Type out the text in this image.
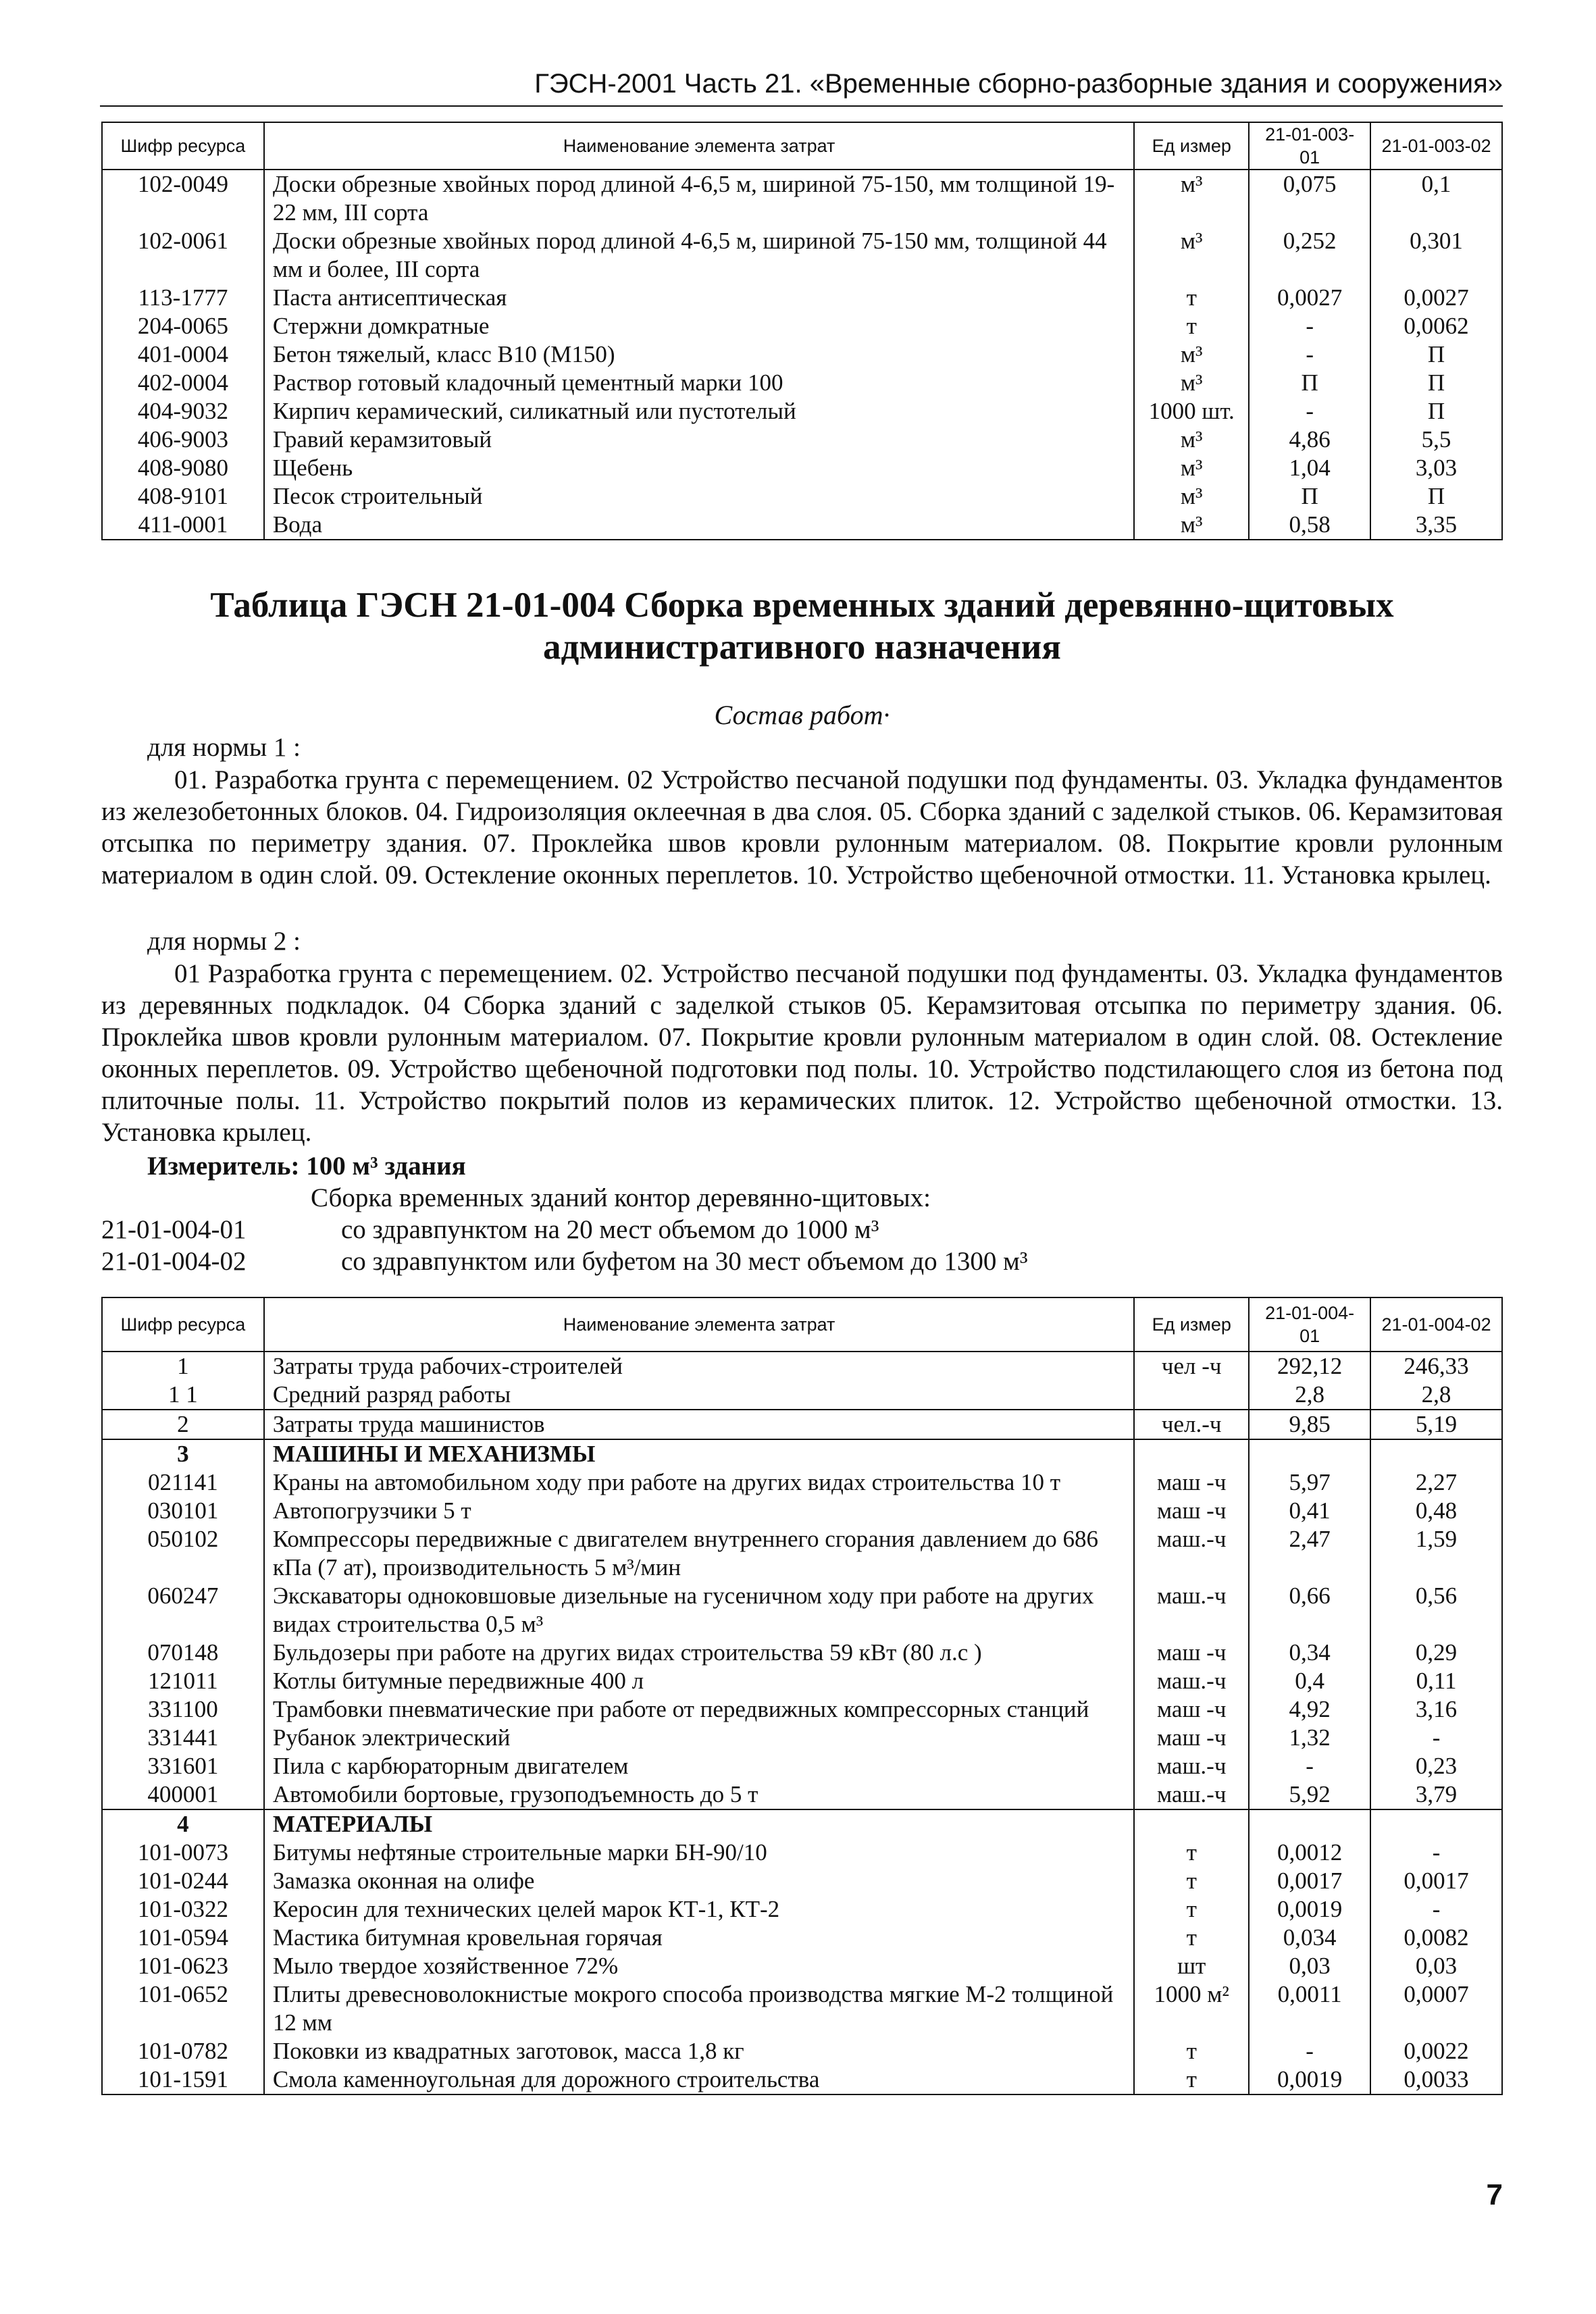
ГЭСН-2001 Часть 21. «Временные сборно-разборные здания и сооружения»
Шифр ресурса	Наименование элемента затрат	Ед измер	21-01-003-01	21-01-003-02
102-0049	Доски обрезные хвойных пород длиной 4-6,5 м, шириной 75-150, мм толщиной 19-22 мм, III сорта	м³	0,075	0,1
102-0061	Доски обрезные хвойных пород длиной 4-6,5 м, шириной 75-150 мм, толщиной 44 мм и более, III сорта	м³	0,252	0,301
113-1777	Паста антисептическая	т	0,0027	0,0027
204-0065	Стержни домкратные	т	-	0,0062
401-0004	Бетон тяжелый, класс B10 (M150)	м³	-	П
402-0004	Раствор готовый кладочный цементный марки 100	м³	П	П
404-9032	Кирпич керамический, силикатный или пустотелый	1000 шт.	-	П
406-9003	Гравий керамзитовый	м³	4,86	5,5
408-9080	Щебень	м³	1,04	3,03
408-9101	Песок строительный	м³	П	П
411-0001	Вода	м³	0,58	3,35
Таблица ГЭСН 21-01-004 Сборка временных зданий деревянно-щитовых административного назначения
Состав работ·
для нормы 1 :
01. Разработка грунта с перемещением. 02 Устройство песчаной подушки под фундаменты. 03. Укладка фундаментов из железобетонных блоков. 04. Гидроизоляция оклеечная в два слоя. 05. Сборка зданий с заделкой стыков. 06. Керамзитовая отсыпка по периметру здания. 07. Проклейка швов кровли рулонным материалом. 08. Покрытие кровли рулонным материалом в один слой. 09. Остекление оконных переплетов. 10. Устройство щебеночной отмостки. 11. Установка крылец.
для нормы 2 :
01 Разработка грунта с перемещением. 02. Устройство песчаной подушки под фундаменты. 03. Укладка фундаментов из деревянных подкладок. 04 Сборка зданий с заделкой стыков 05. Керамзитовая отсыпка по периметру здания. 06. Проклейка швов кровли рулонным материалом. 07. Покрытие кровли рулонным материалом в один слой. 08. Остекление оконных переплетов. 09. Устройство щебеночной подготовки под полы. 10. Устройство подстилающего слоя из бетона под плиточные полы. 11. Устройство покрытий полов из керамических плиток. 12. Устройство щебеночной отмостки. 13. Установка крылец.
Измеритель: 100 м³ здания
Сборка временных зданий контор деревянно-щитовых:
21-01-004-01	со здравпунктом на 20 мест объемом до 1000 м³
21-01-004-02	со здравпунктом или буфетом на 30 мест объемом до 1300 м³
Шифр ресурса	Наименование элемента затрат	Ед измер	21-01-004-01	21-01-004-02
1	Затраты труда рабочих-строителей	чел -ч	292,12	246,33
1 1	Средний разряд работы		2,8	2,8
2	Затраты труда машинистов	чел.-ч	9,85	5,19
3	МАШИНЫ И МЕХАНИЗМЫ			
021141	Краны на автомобильном ходу при работе на других видах строительства 10 т	маш -ч	5,97	2,27
030101	Автопогрузчики 5 т	маш -ч	0,41	0,48
050102	Компрессоры передвижные с двигателем внутреннего сгорания давлением до 686 кПа (7 ат), производительность 5 м³/мин	маш.-ч	2,47	1,59
060247	Экскаваторы одноковшовые дизельные на гусеничном ходу при работе на других видах строительства 0,5 м³	маш.-ч	0,66	0,56
070148	Бульдозеры при работе на других видах строительства 59 кВт (80 л.с )	маш -ч	0,34	0,29
121011	Котлы битумные передвижные 400 л	маш.-ч	0,4	0,11
331100	Трамбовки пневматические при работе от передвижных компрессорных станций	маш -ч	4,92	3,16
331441	Рубанок электрический	маш -ч	1,32	-
331601	Пила с карбюраторным двигателем	маш.-ч	-	0,23
400001	Автомобили бортовые, грузоподъемность до 5 т	маш.-ч	5,92	3,79
4	МАТЕРИАЛЫ			
101-0073	Битумы нефтяные строительные марки БН-90/10	т	0,0012	-
101-0244	Замазка оконная на олифе	т	0,0017	0,0017
101-0322	Керосин для технических целей марок КТ-1, КТ-2	т	0,0019	-
101-0594	Мастика битумная кровельная горячая	т	0,034	0,0082
101-0623	Мыло твердое хозяйственное 72%	шт	0,03	0,03
101-0652	Плиты древесноволокнистые мокрого способа производства мягкие М-2 толщиной 12 мм	1000 м²	0,0011	0,0007
101-0782	Поковки из квадратных заготовок, масса 1,8 кг	т	-	0,0022
101-1591	Смола каменноугольная для дорожного строительства	т	0,0019	0,0033
7
